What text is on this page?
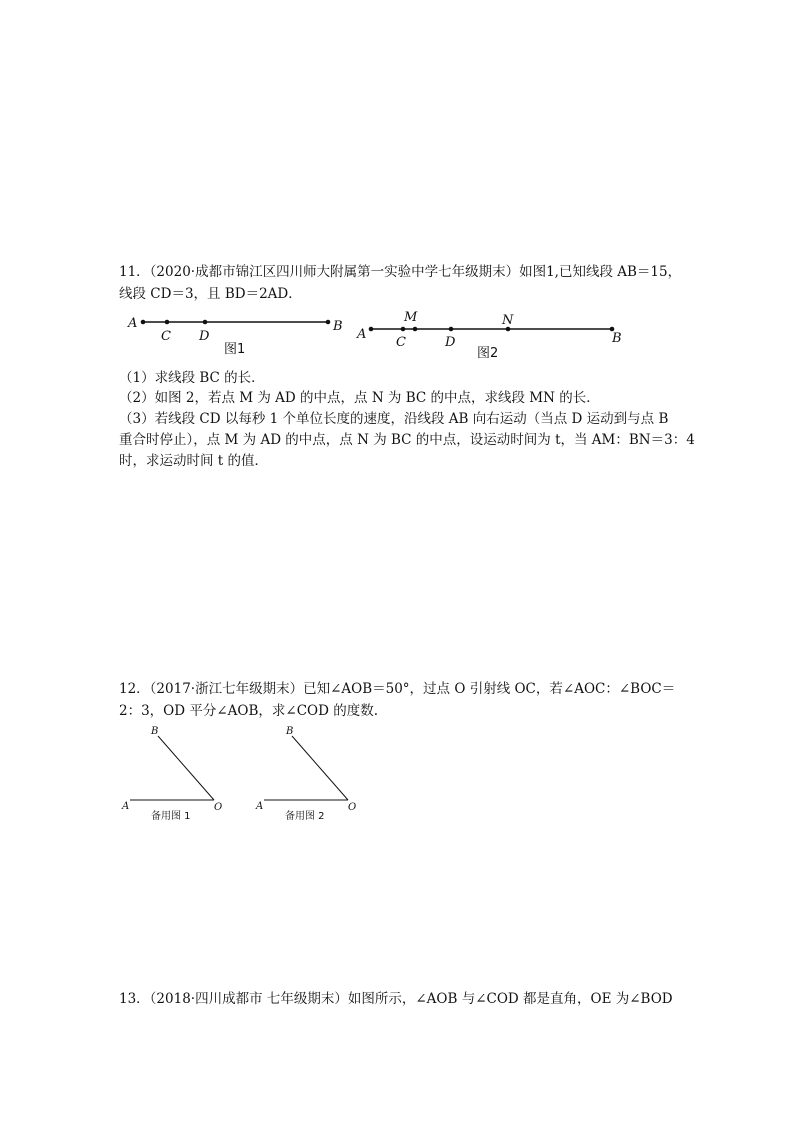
11．（2020·成都市锦江区四川师大附属第一实验中学七年级期末）如图1,已知线段 AB＝15，
线段 CD＝3，且 BD＝2AD．
A
C D
B
图1
A
M
C	D
N
B
图2
B
A	O
备用图 1
B
A	O
备用图 2
（1）求线段 BC 的长．
（2）如图 2，若点 M 为 AD 的中点，点 N 为 BC 的中点，求线段 MN 的长．
（3）若线段 CD 以每秒 1 个单位长度的速度，沿线段 AB 向右运动（当点 D 运动到与点 B
重合时停止），点 M 为 AD 的中点，点 N 为 BC 的中点，设运动时间为 t，当 AM：BN＝3：4
时，求运动时间 t 的值．
12．（2017·浙江七年级期末）已知∠AOB＝50°，过点 O 引射线 OC，若∠AOC：∠BOC＝
2：3，OD 平分∠AOB，求∠COD 的度数.
13．（2018·四川成都市 七年级期末）如图所示，∠AOB 与∠COD 都是直角，OE 为∠BOD
